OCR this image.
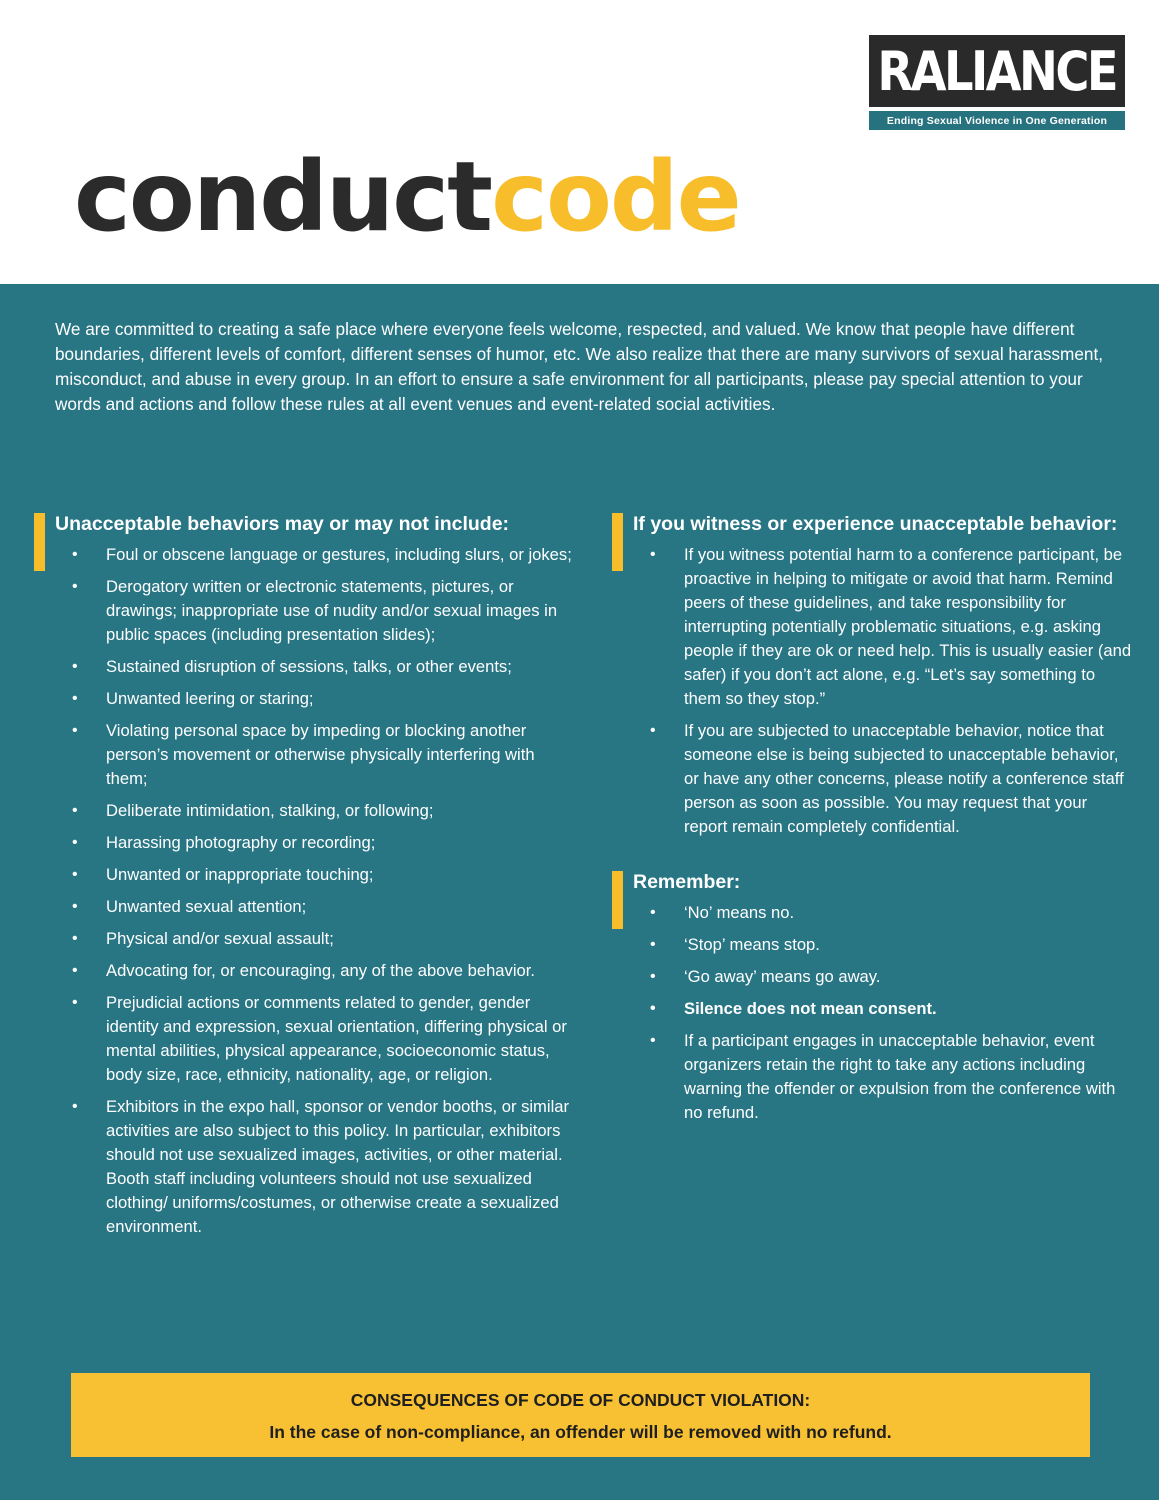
RALIANCE
Ending Sexual Violence in One Generation
conductcode

We are committed to creating a safe place where everyone feels welcome, respected, and valued. We know that people have different boundaries, different levels of comfort, different senses of humor, etc. We also realize that there are many survivors of sexual harassment, misconduct, and abuse in every group. In an effort to ensure a safe environment for all participants, please pay special attention to your words and actions and follow these rules at all event venues and event-related social activities.

Unacceptable behaviors may or may not include:
• Foul or obscene language or gestures, including slurs, or jokes;
• Derogatory written or electronic statements, pictures, or drawings; inappropriate use of nudity and/or sexual images in public spaces (including presentation slides);
• Sustained disruption of sessions, talks, or other events;
• Unwanted leering or staring;
• Violating personal space by impeding or blocking another person’s movement or otherwise physically interfering with them;
• Deliberate intimidation, stalking, or following;
• Harassing photography or recording;
• Unwanted or inappropriate touching;
• Unwanted sexual attention;
• Physical and/or sexual assault;
• Advocating for, or encouraging, any of the above behavior.
• Prejudicial actions or comments related to gender, gender identity and expression, sexual orientation, differing physical or mental abilities, physical appearance, socioeconomic status, body size, race, ethnicity, nationality, age, or religion.
• Exhibitors in the expo hall, sponsor or vendor booths, or similar activities are also subject to this policy. In particular, exhibitors should not use sexualized images, activities, or other material. Booth staff including volunteers should not use sexualized clothing/ uniforms/costumes, or otherwise create a sexualized environment.
If you witness or experience unacceptable behavior:
• If you witness potential harm to a conference participant, be proactive in helping to mitigate or avoid that harm. Remind peers of these guidelines, and take responsibility for interrupting potentially problematic situations, e.g. asking people if they are ok or need help. This is usually easier (and safer) if you don’t act alone, e.g. “Let’s say something to them so they stop.”
• If you are subjected to unacceptable behavior, notice that someone else is being subjected to unacceptable behavior, or have any other concerns, please notify a conference staff person as soon as possible. You may request that your report remain completely confidential.
Remember:
• ‘No’ means no.
• ‘Stop’ means stop.
• ‘Go away’ means go away.
• Silence does not mean consent.
• If a participant engages in unacceptable behavior, event organizers retain the right to take any actions including warning the offender or expulsion from the conference with no refund.
CONSEQUENCES OF CODE OF CONDUCT VIOLATION:
In the case of non-compliance, an offender will be removed with no refund.
